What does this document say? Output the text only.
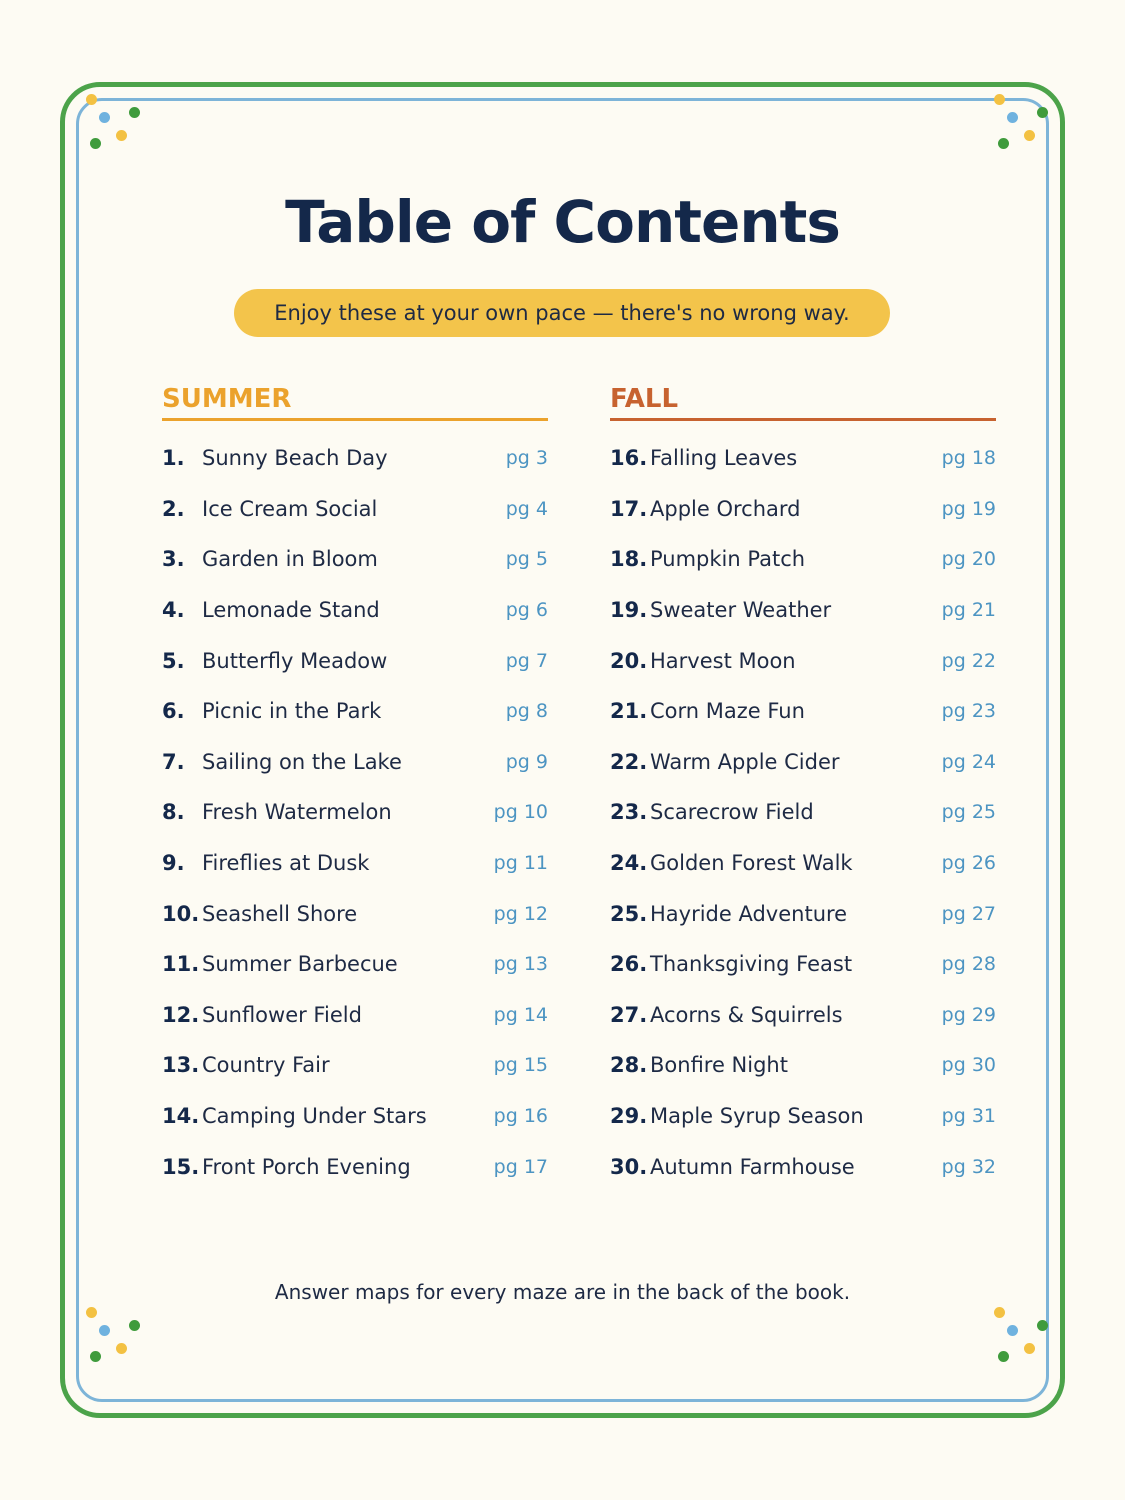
Table of Contents
Enjoy these at your own pace — there's no wrong way.
SUMMER
1. Sunny Beach Day	pg 3
2. Ice Cream Social	pg 4
3. Garden in Bloom	pg 5
4. Lemonade Stand	pg 6
5. Butterfly Meadow	pg 7
6. Picnic in the Park	pg 8
7. Sailing on the Lake	pg 9
8. Fresh Watermelon	pg 10
9. Fireflies at Dusk	pg 11
10. Seashell Shore	pg 12
11. Summer Barbecue	pg 13
12. Sunflower Field	pg 14
13. Country Fair	pg 15
14. Camping Under Stars	pg 16
15. Front Porch Evening	pg 17
FALL
16. Falling Leaves	pg 18
17. Apple Orchard	pg 19
18. Pumpkin Patch	pg 20
19. Sweater Weather	pg 21
20. Harvest Moon	pg 22
21. Corn Maze Fun	pg 23
22. Warm Apple Cider	pg 24
23. Scarecrow Field	pg 25
24. Golden Forest Walk	pg 26
25. Hayride Adventure	pg 27
26. Thanksgiving Feast	pg 28
27. Acorns & Squirrels	pg 29
28. Bonfire Night	pg 30
29. Maple Syrup Season	pg 31
30. Autumn Farmhouse	pg 32
Answer maps for every maze are in the back of the book.
